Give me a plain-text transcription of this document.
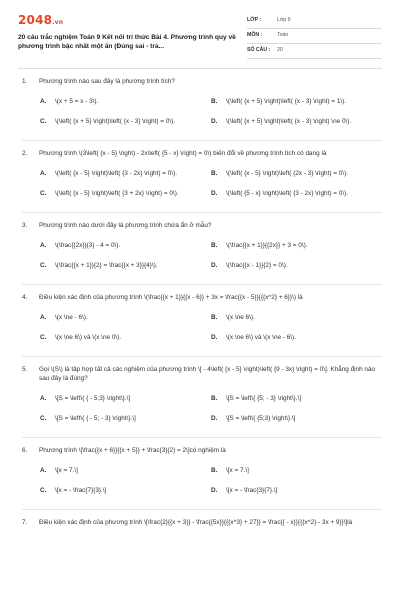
2048.vn
20 câu trắc nghiệm Toán 9 Kết nối tri thức Bài 4. Phương trình quy về phương trình bậc nhất một ẩn (Đúng sai - trả...
LỚP :	Lớp 9
MÔN :	Toán
SỐ CÂU :	20
1.	Phương trình nào sau đây là phương trình tích?
A.	\(x + 5 = x - 3\).	B.	\(\left( {x + 5} \right)\left( {x - 3} \right) = 1\).
C.	\(\left( {x + 5} \right)\left( {x - 3} \right) = 0\).	D.	\(\left( {x + 5} \right)\left( {x - 3} \right) \ne 0\).
2.	Phương trình \(3\left( {x - 5} \right) - 2x\left( {5 - x} \right) = 0\) biến đổi về phương trình tích có dạng là
A.	\(\left( {x - 5} \right)\left( {3 - 2x} \right) = 0\).	B.	\(\left( {x - 5} \right)\left( {2x - 3} \right) = 0\).
C.	\(\left( {x - 5} \right)\left( {3 + 2x} \right) = 0\).	D.	\(\left( {5 - x} \right)\left( {3 - 2x} \right) = 0\).
3.	Phương trình nào dưới đây là phương trình chứa ẩn ở mẫu?
A.	\(\frac{{2x}}{3} - 4 = 0\).	B.	\(\frac{{x + 1}}{{2x}} + 3 = 0\).
C.	\(\frac{{x + 1}}{2} = \frac{{x + 3}}{4}\).	D.	\(\frac{{x - 1}}{2} = 0\).
4.	Điều kiện xác định của phương trình \(\frac{{x + 1}}{{x - 6}} + 3x = \frac{{x - 5}}{{{x^2} + 6}}\) là
A.	\(x \ne - 6\).	B.	\(x \ne 6\).
C.	\(x \ne 6\) và \(x \ne 0\).	D.	\(x \ne 6\) và \(x \ne - 6\).
5.	Gọi \(S\) là tập hợp tất cả các nghiệm của phương trình \[ - 4\left( {x - 5} \right)\left( {9 - 3x} \right) = 0\]. Khẳng định nào sau đây là đúng?
A.	\[S = \left\{ { - 5;3} \right\}.\]	B.	\[S = \left\{ {5; - 3} \right\}.\]
C.	\[S = \left\{ { - 5; - 3} \right\}.\]	D.	\[S = \left\{ {5;3} \right\}.\]
6.	Phương trình \[\frac{{x + 6}}{{x + 5}} + \frac{3}{2} = 2\]có nghiệm là
A.	\[x = 7.\]	B.	\[x = 7.\]
C.	\[x = - \frac{7}{3}.\]	D.	\[x = - \frac{3}{7}.\]
7.	Điều kiện xác định của phương trình \[\frac{2}{{x + 3}} - \frac{{5x}}{{{x^3} + 27}} = \frac{{ - x}}{{{x^2} - 3x + 9}}\]là
